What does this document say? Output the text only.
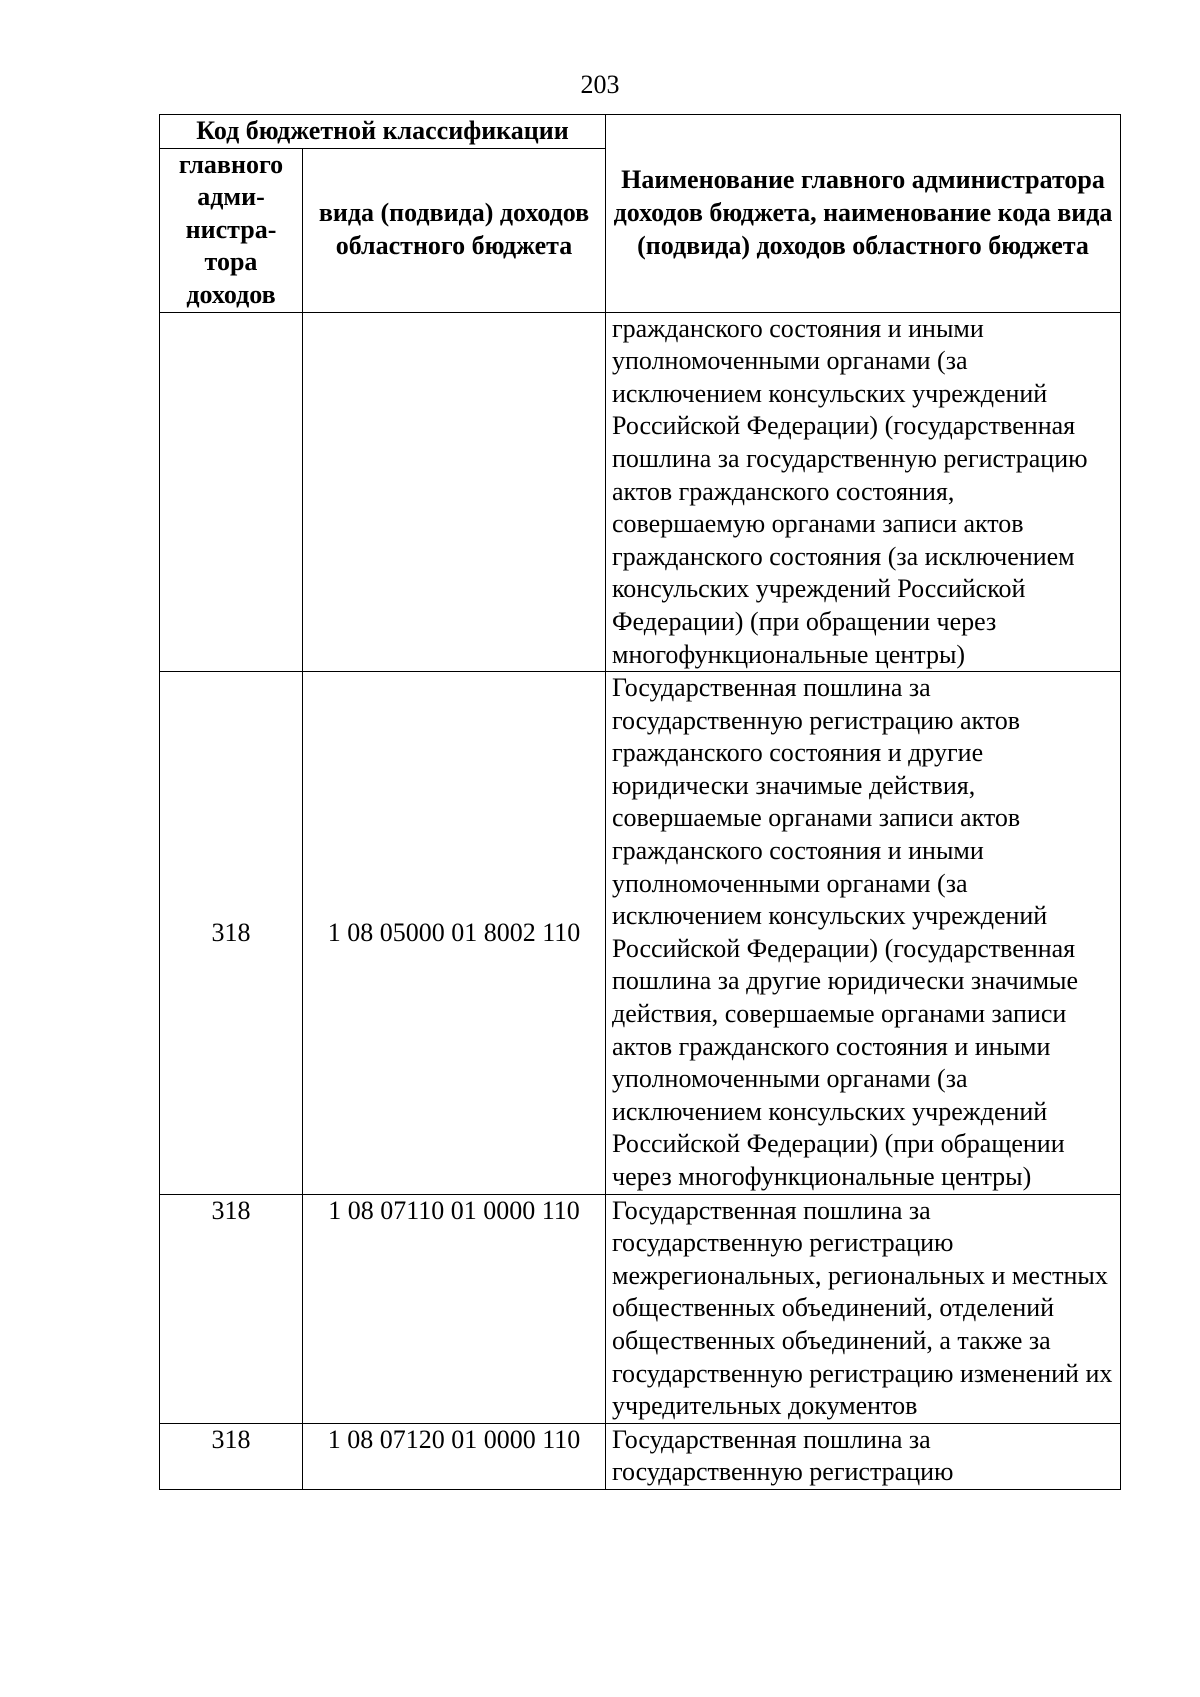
203
Код бюджетной классификации		Наименование главного администратора доходов бюджета, наименование кода вида (подвида) доходов областного бюджета
главного адми-нистра-тора доходов	вида (подвида) доходов областного бюджета	
		гражданского состояния и иными уполномоченными органами (за исключением консульских учреждений Российской Федерации) (государственная пошлина за государственную регистрацию актов гражданского состояния, совершаемую органами записи актов гражданского состояния (за исключением консульских учреждений Российской Федерации) (при обращении через многофункциональные центры)
318	1 08 05000 01 8002 110	Государственная пошлина за государственную регистрацию актов гражданского состояния и другие юридически значимые действия, совершаемые органами записи актов гражданского состояния и иными уполномоченными органами (за исключением консульских учреждений Российской Федерации) (государственная пошлина за другие юридически значимые действия, совершаемые органами записи актов гражданского состояния и иными уполномоченными органами (за исключением консульских учреждений Российской Федерации) (при обращении через многофункциональные центры)
318	1 08 07110 01 0000 110	Государственная пошлина за государственную регистрацию межрегиональных, региональных и местных общественных объединений, отделений общественных объединений, а также за государственную регистрацию изменений их учредительных документов
318	1 08 07120 01 0000 110	Государственная пошлина за государственную регистрацию
